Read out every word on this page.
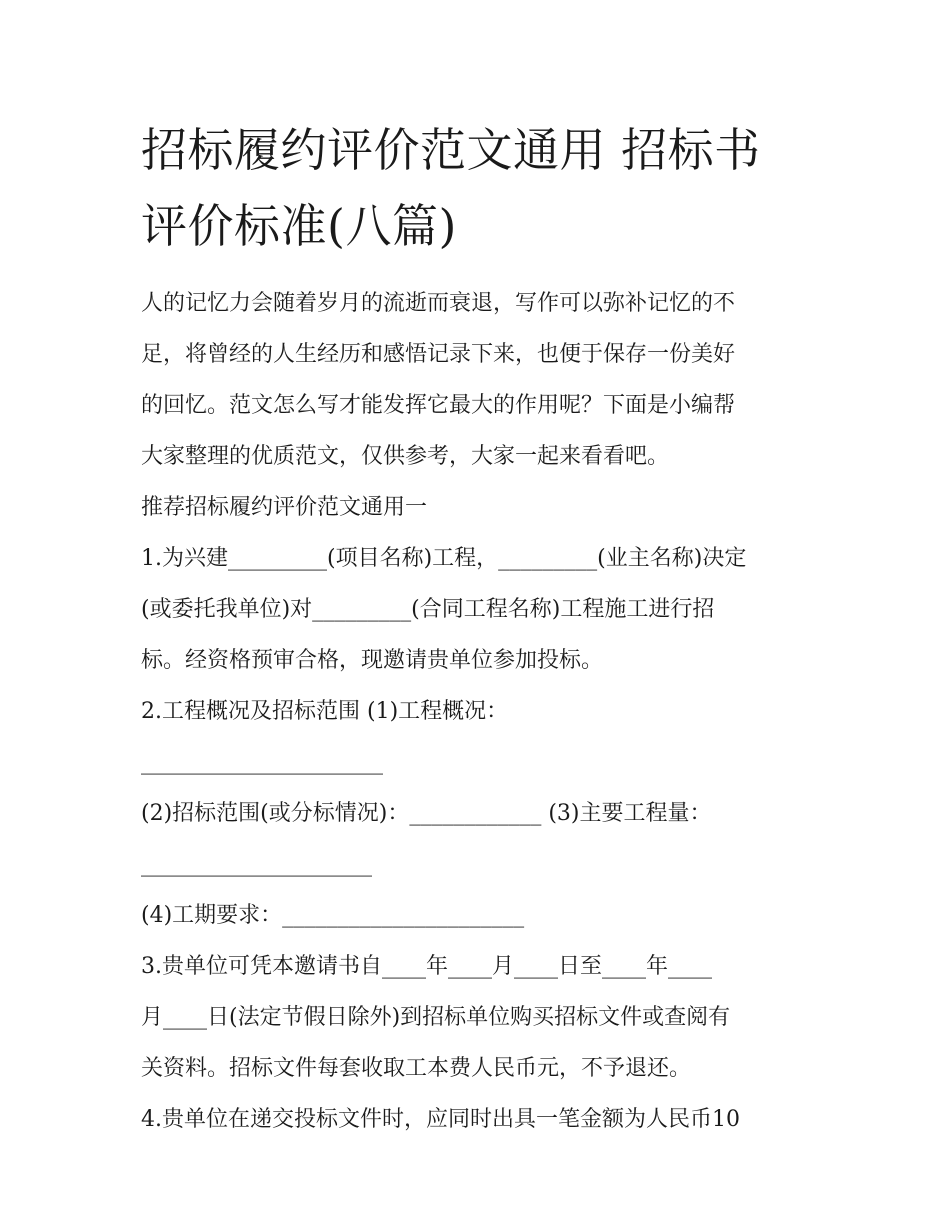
招标履约评价范文通用 招标书
评价标准(八篇)

人的记忆力会随着岁月的流逝而衰退，写作可以弥补记忆的不
足，将曾经的人生经历和感悟记录下来，也便于保存一份美好
的回忆。范文怎么写才能发挥它最大的作用呢？下面是小编帮
大家整理的优质范文，仅供参考，大家一起来看看吧。

推荐招标履约评价范文通用一

1.为兴建_________(项目名称)工程，_________(业主名称)决定
(或委托我单位)对_________(合同工程名称)工程施工进行招
标。经资格预审合格，现邀请贵单位参加投标。

2.工程概况及招标范围 (1)工程概况：
______________________
(2)招标范围(或分标情况)：____________ (3)主要工程量：
_____________________
(4)工期要求：______________________

3.贵单位可凭本邀请书自____年____月____日至____年____
月____日(法定节假日除外)到招标单位购买招标文件或查阅有
关资料。招标文件每套收取工本费人民币元，不予退还。

4.贵单位在递交投标文件时，应同时出具一笔金额为人民币10
